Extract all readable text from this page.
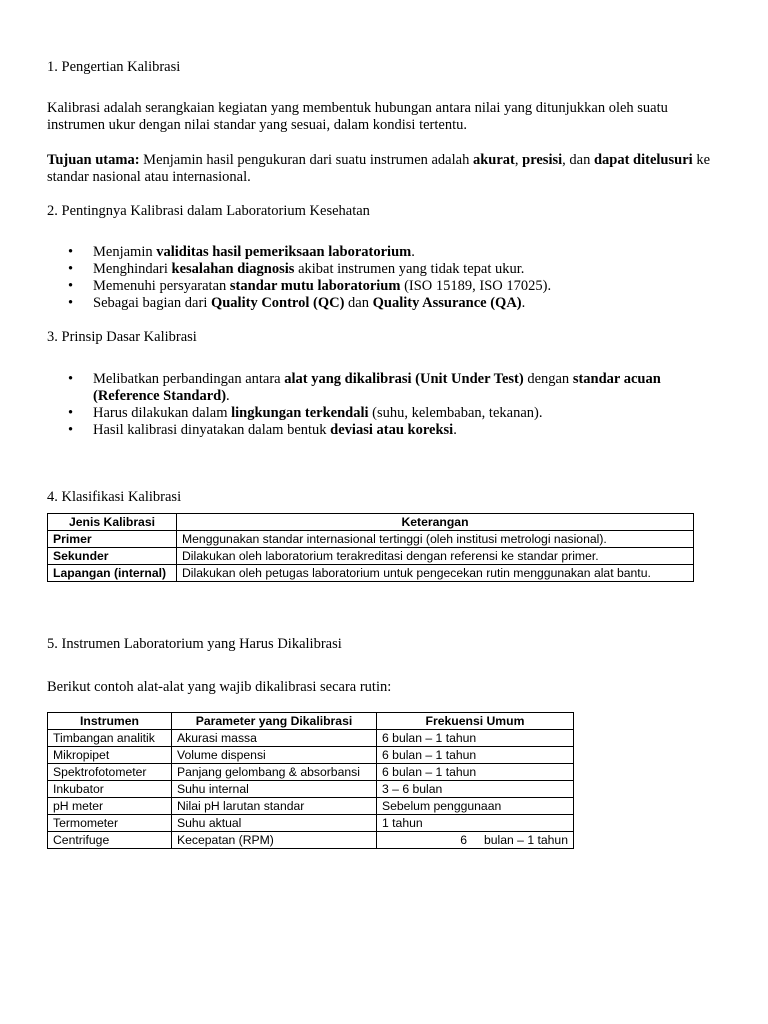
1. Pengertian Kalibrasi
Kalibrasi adalah serangkaian kegiatan yang membentuk hubungan antara nilai yang ditunjukkan oleh suatu instrumen ukur dengan nilai standar yang sesuai, dalam kondisi tertentu.
Tujuan utama: Menjamin hasil pengukuran dari suatu instrumen adalah akurat, presisi, dan dapat ditelusuri ke standar nasional atau internasional.
2. Pentingnya Kalibrasi dalam Laboratorium Kesehatan
• Menjamin validitas hasil pemeriksaan laboratorium.
• Menghindari kesalahan diagnosis akibat instrumen yang tidak tepat ukur.
• Memenuhi persyaratan standar mutu laboratorium (ISO 15189, ISO 17025).
• Sebagai bagian dari Quality Control (QC) dan Quality Assurance (QA).
3. Prinsip Dasar Kalibrasi
• Melibatkan perbandingan antara alat yang dikalibrasi (Unit Under Test) dengan standar acuan (Reference Standard).
• Harus dilakukan dalam lingkungan terkendali (suhu, kelembaban, tekanan).
• Hasil kalibrasi dinyatakan dalam bentuk deviasi atau koreksi.
4. Klasifikasi Kalibrasi
Jenis Kalibrasi	Keterangan
Primer	Menggunakan standar internasional tertinggi (oleh institusi metrologi nasional).
Sekunder	Dilakukan oleh laboratorium terakreditasi dengan referensi ke standar primer.
Lapangan (internal)	Dilakukan oleh petugas laboratorium untuk pengecekan rutin menggunakan alat bantu.
5. Instrumen Laboratorium yang Harus Dikalibrasi
Berikut contoh alat-alat yang wajib dikalibrasi secara rutin:
Instrumen	Parameter yang Dikalibrasi	Frekuensi Umum
Timbangan analitik	Akurasi massa	6 bulan – 1 tahun
Mikropipet	Volume dispensi	6 bulan – 1 tahun
Spektrofotometer	Panjang gelombang & absorbansi	6 bulan – 1 tahun
Inkubator	Suhu internal	3 – 6 bulan
pH meter	Nilai pH larutan standar	Sebelum penggunaan
Termometer	Suhu aktual	1 tahun
Centrifuge	Kecepatan (RPM)	6     bulan – 1 tahun
